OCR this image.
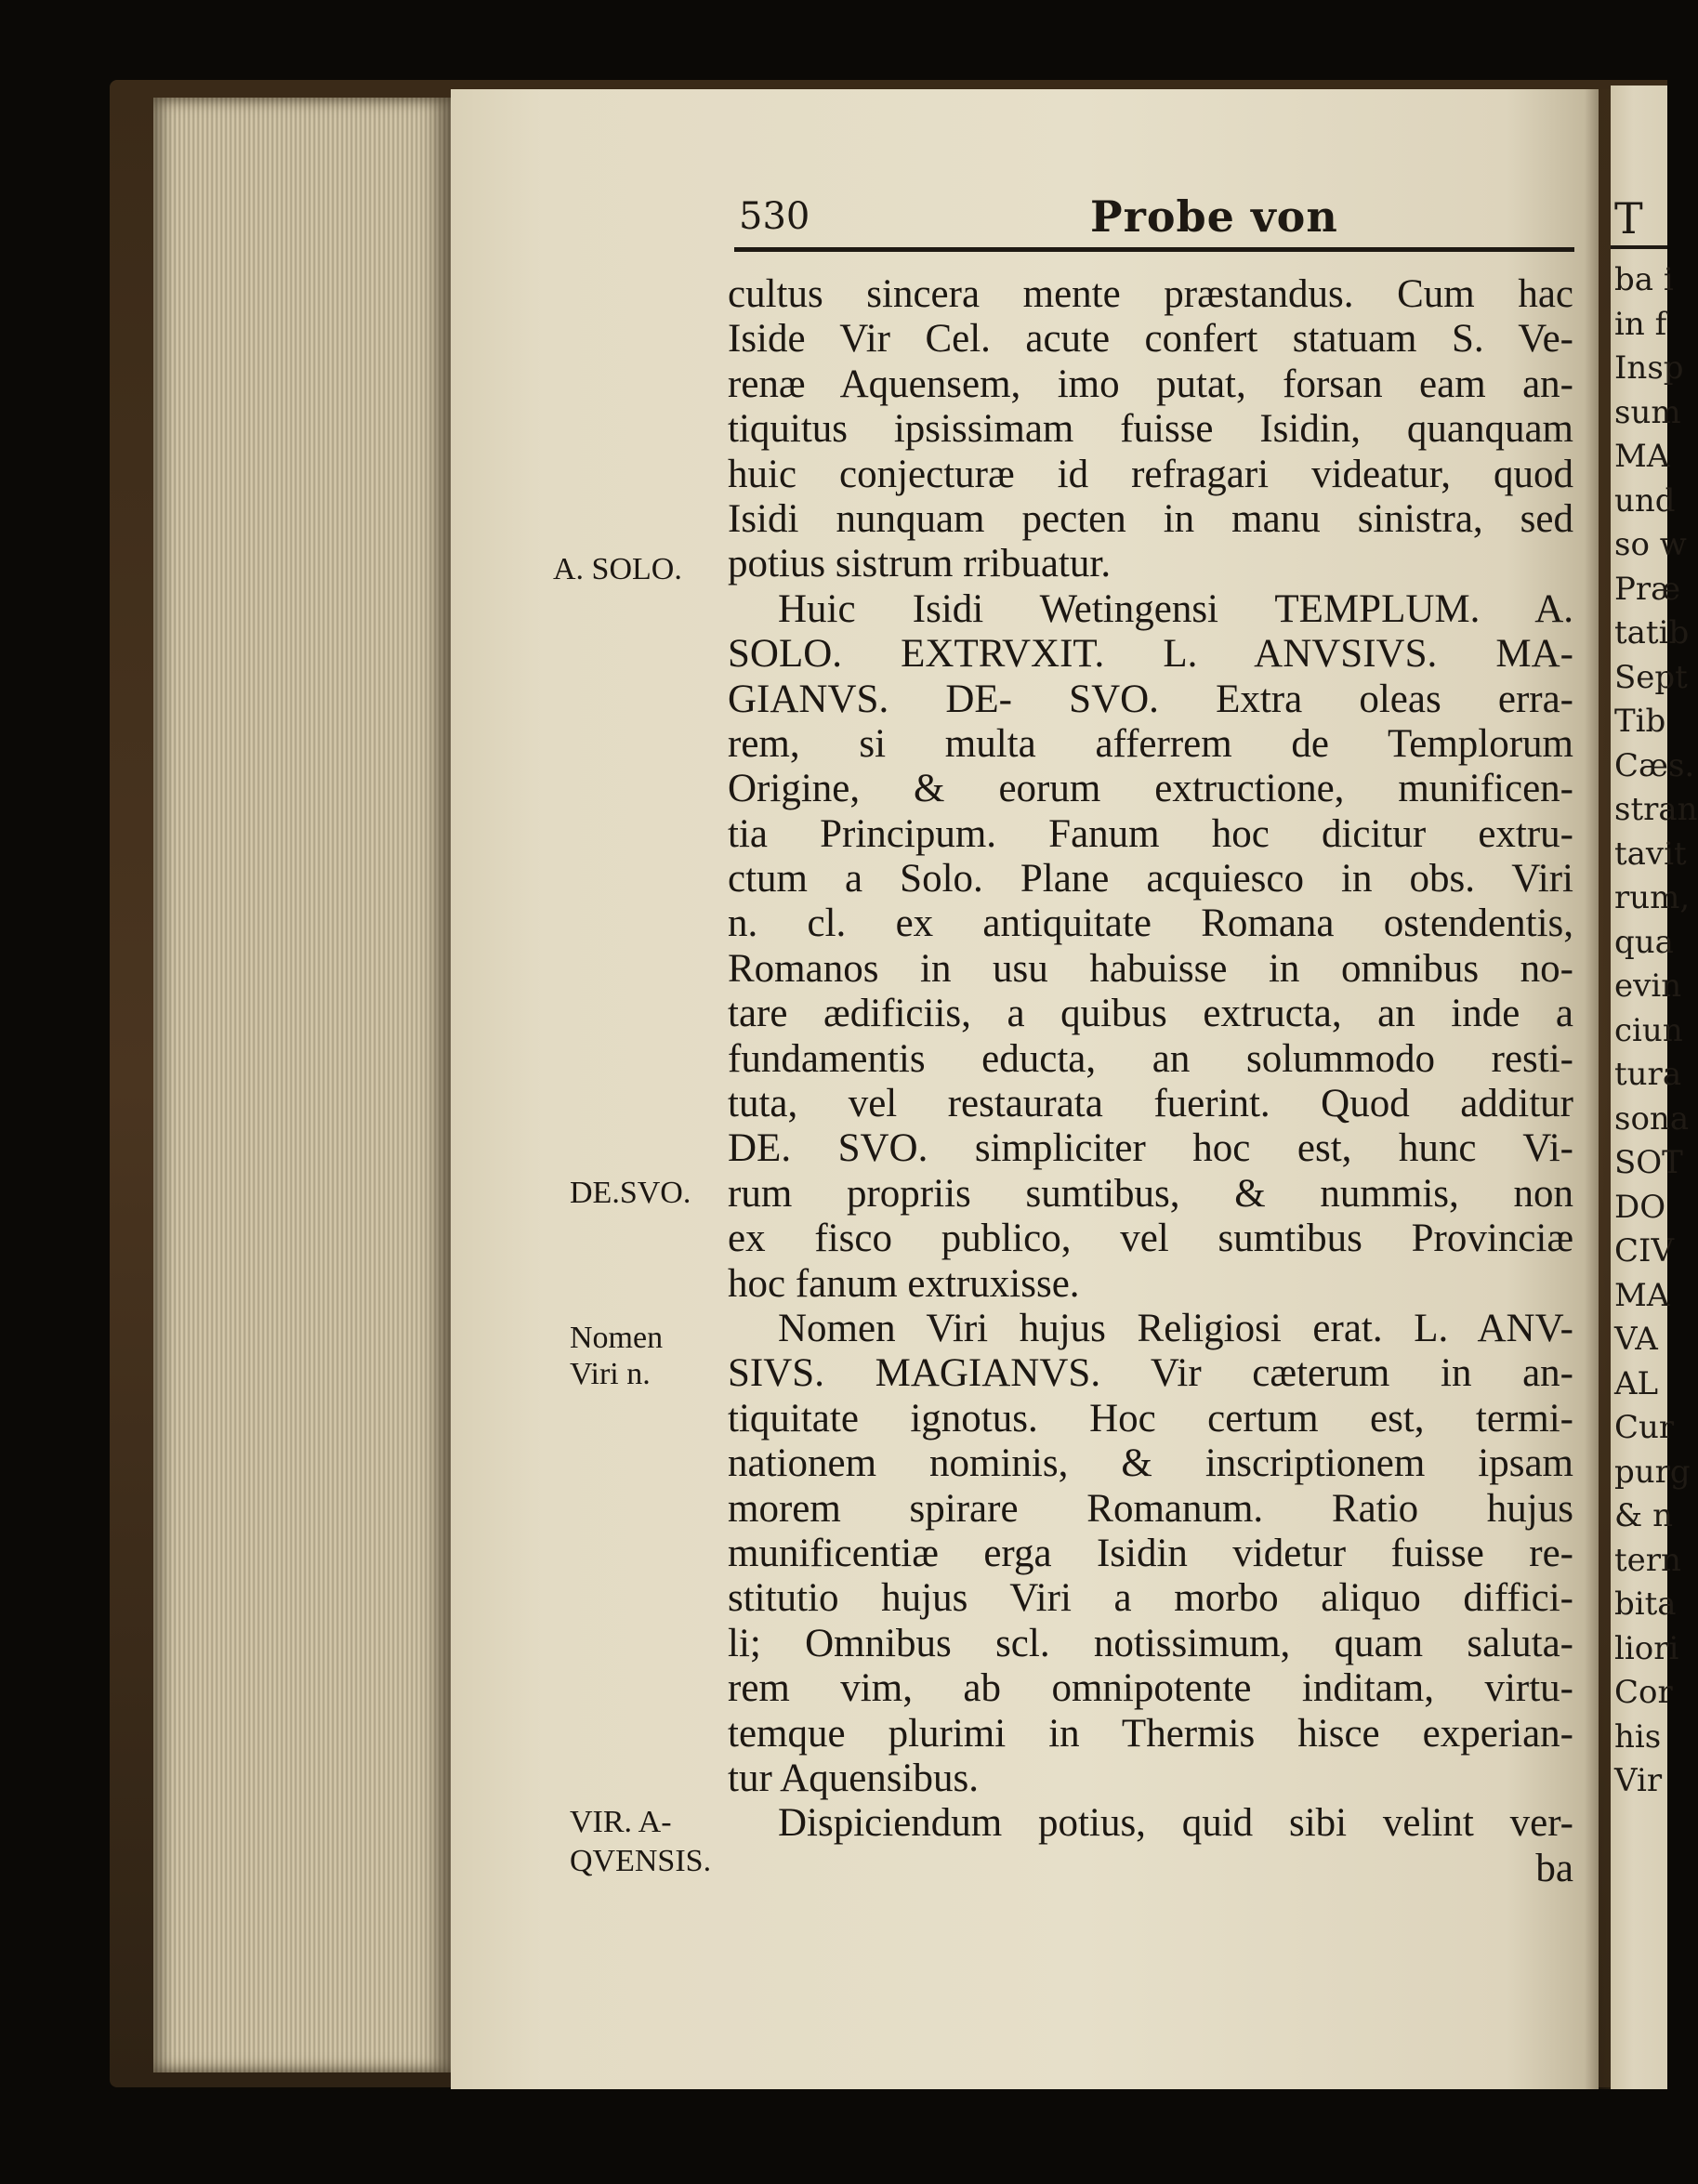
T
ba i
in f
Insp
sum
MA
und
so w
Præ
tatib
Sept
Tib
Cæs.
stran
tavit
rum,
qua
evin
ciun
tura
sona
SOT
DO
CIV
MA
VA
AL
Cur
purg
& n
tern
bita
liori
Cor
his
Vir
530	Probe von
cultus sincera mente præstandus. Cum hac
Iside Vir Cel. acute confert statuam S. Ve-
renæ Aquensem, imo putat, forsan eam an-
tiquitus ipsissimam fuisse Isidin, quanquam
huic conjecturæ id refragari videatur, quod
Isidi nunquam pecten in manu sinistra, sed
potius sistrum rribuatur.
Huic Isidi Wetingensi TEMPLUM. A.
SOLO. EXTRVXIT. L. ANVSIVS. MA-
GIANVS. DE- SVO. Extra oleas erra-
rem, si multa afferrem de Templorum
Origine, & eorum extructione, munificen-
tia Principum. Fanum hoc dicitur extru-
ctum a Solo. Plane acquiesco in obs. Viri
n. cl. ex antiquitate Romana ostendentis,
Romanos in usu habuisse in omnibus no-
tare ædificiis, a quibus extructa, an inde a
fundamentis educta, an solummodo resti-
tuta, vel restaurata fuerint. Quod additur
DE. SVO. simpliciter hoc est, hunc Vi-
rum propriis sumtibus, & nummis, non
ex fisco publico, vel sumtibus Provinciæ
hoc fanum extruxisse.
Nomen Viri hujus Religiosi erat. L. ANV-
SIVS. MAGIANVS. Vir cæterum in an-
tiquitate ignotus. Hoc certum est, termi-
nationem nominis, & inscriptionem ipsam
morem spirare Romanum. Ratio hujus
munificentiæ erga Isidin videtur fuisse re-
stitutio hujus Viri a morbo aliquo diffici-
li; Omnibus scl. notissimum, quam saluta-
rem vim, ab omnipotente inditam, virtu-
temque plurimi in Thermis hisce experian-
tur Aquensibus.
Dispiciendum potius, quid sibi velint ver-
ba
A. SOLO.
DE.SVO.
Nomen
Viri n.
VIR. A-
QVENSIS.
